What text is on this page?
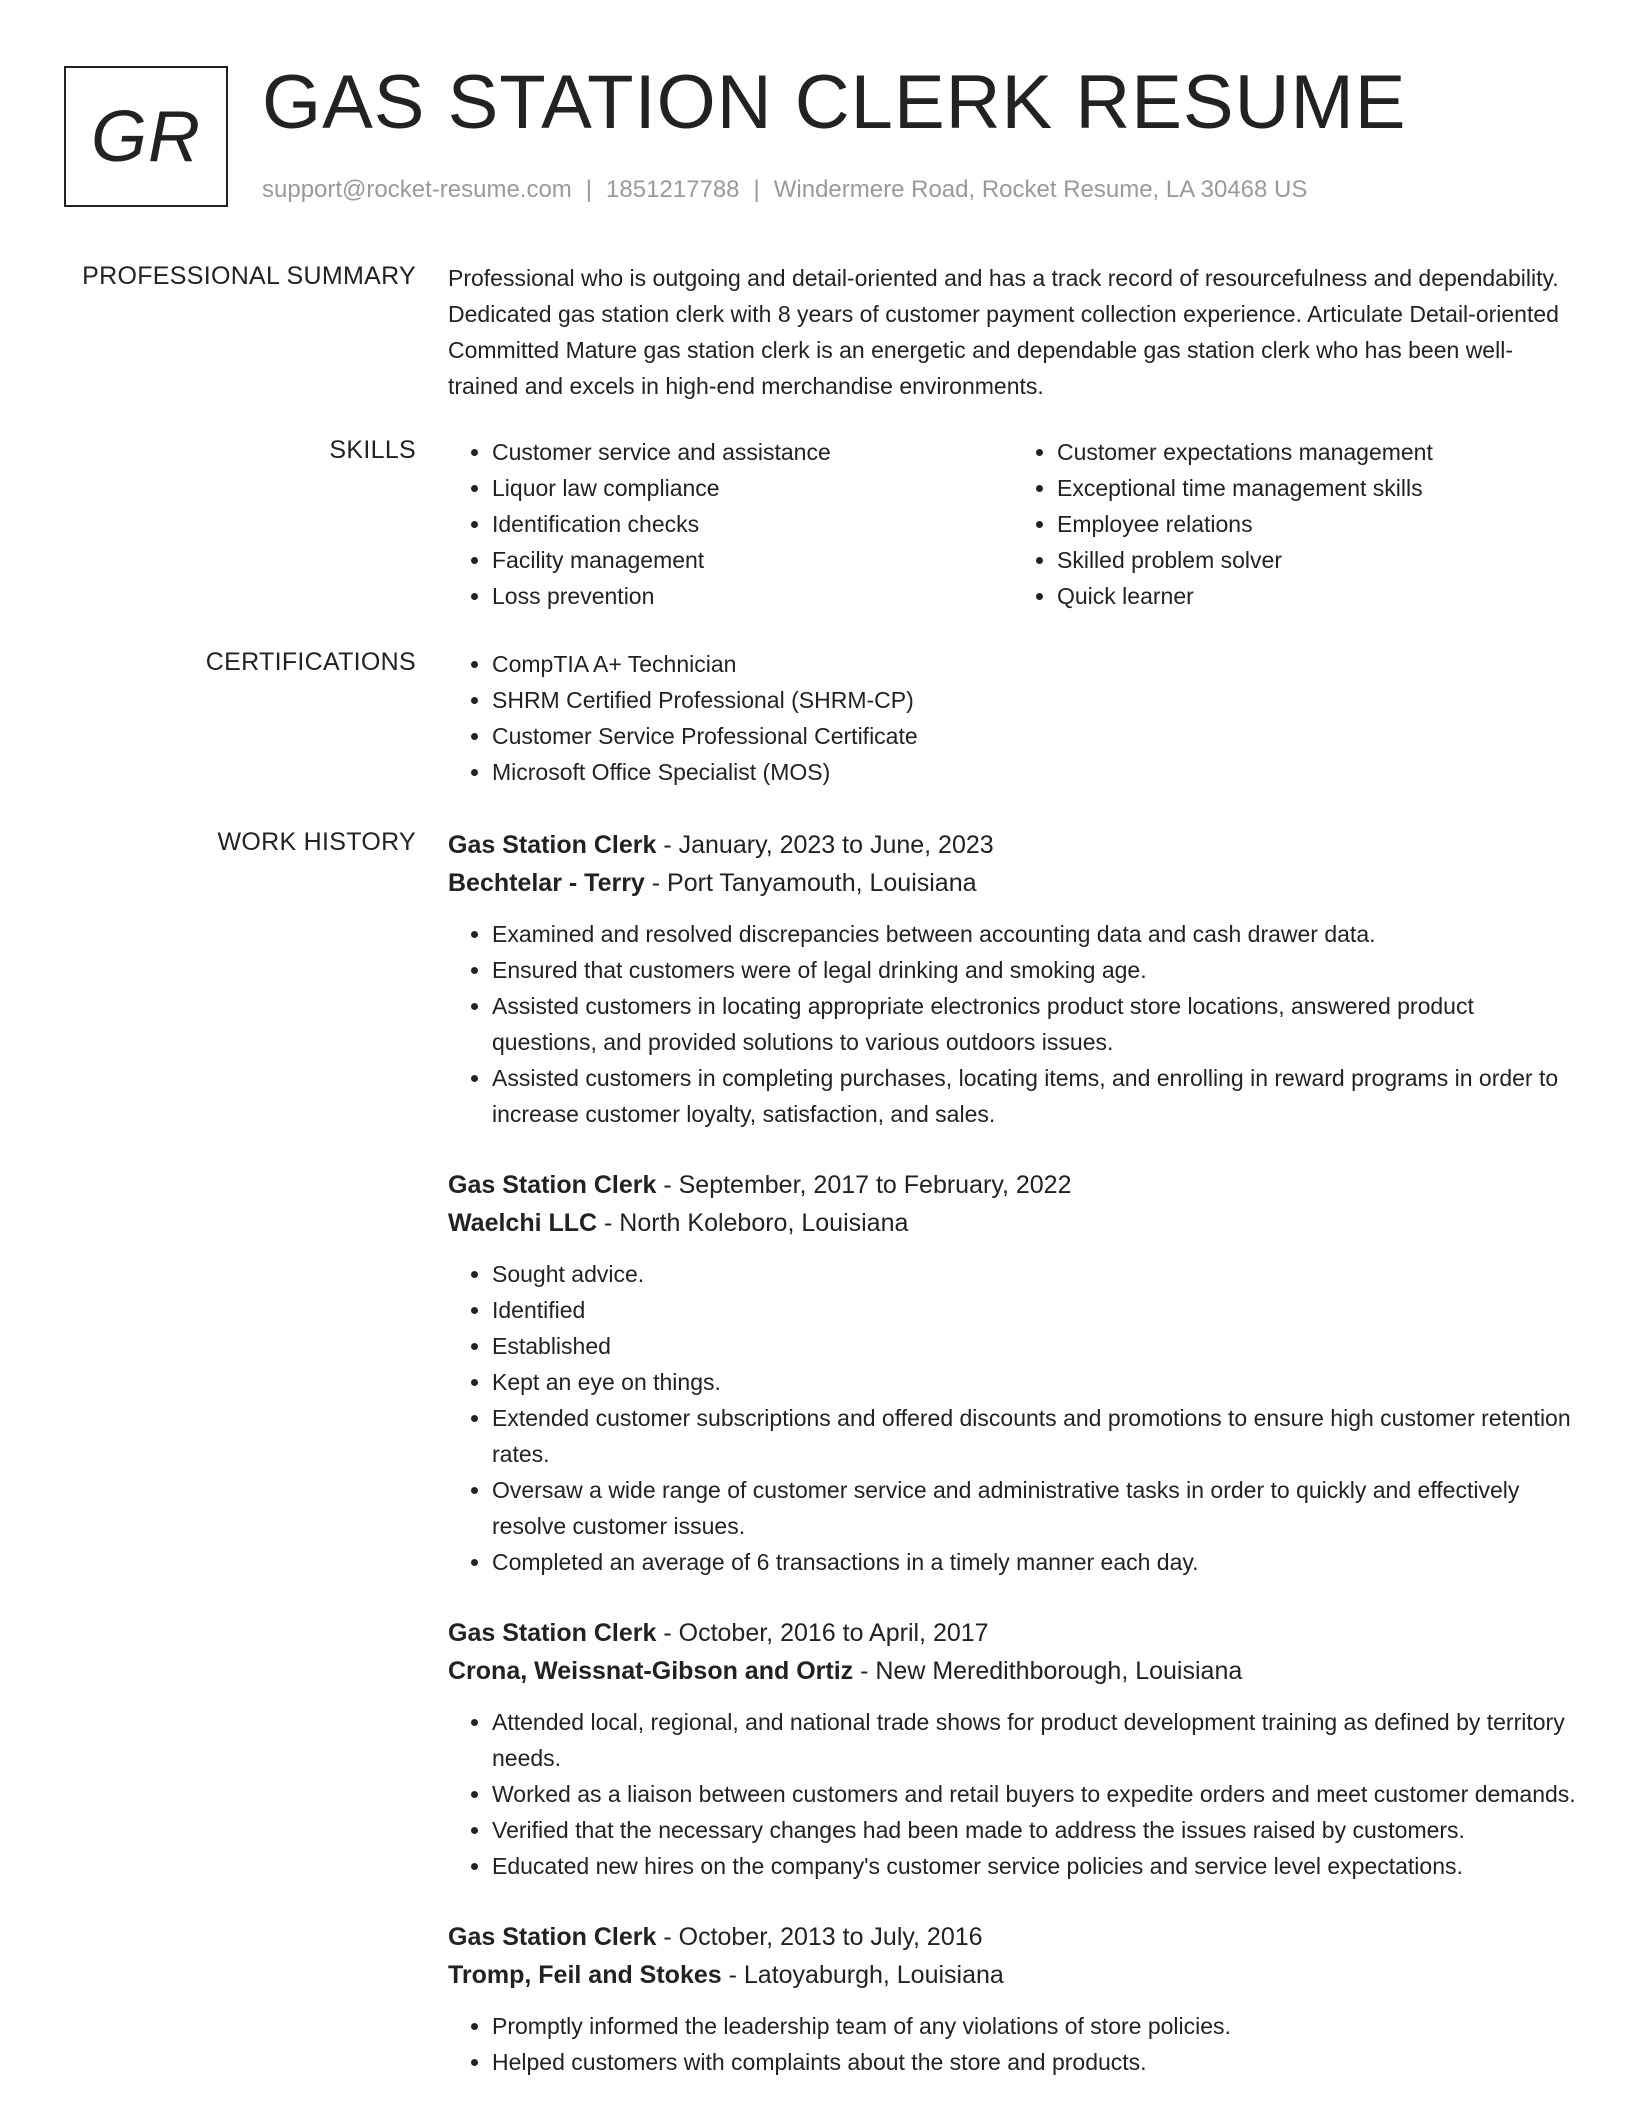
GR GAS STATION CLERK RESUME
support@rocket-resume.com | 1851217788 | Windermere Road, Rocket Resume, LA 30468 US
PROFESSIONAL SUMMARY Professional who is outgoing and detail-oriented and has a track record of resourcefulness and dependability. Dedicated gas station clerk with 8 years of customer payment collection experience. Articulate Detail-oriented Committed Mature gas station clerk is an energetic and dependable gas station clerk who has been well-trained and excels in high-end merchandise environments.
SKILLS	• Customer service and assistance
• Liquor law compliance
• Identification checks
• Facility management
• Loss prevention
• Customer expectations management
• Exceptional time management skills
• Employee relations
• Skilled problem solver
• Quick learner
CERTIFICATIONS	• CompTIA A+ Technician
• SHRM Certified Professional (SHRM-CP)
• Customer Service Professional Certificate
• Microsoft Office Specialist (MOS)
WORK HISTORY Gas Station Clerk - January, 2023 to June, 2023
Bechtelar - Terry - Port Tanyamouth, Louisiana
• Examined and resolved discrepancies between accounting data and cash drawer data.
• Ensured that customers were of legal drinking and smoking age.
• Assisted customers in locating appropriate electronics product store locations, answered product questions, and provided solutions to various outdoors issues.
• Assisted customers in completing purchases, locating items, and enrolling in reward programs in order to increase customer loyalty, satisfaction, and sales.
Gas Station Clerk - September, 2017 to February, 2022
Waelchi LLC - North Koleboro, Louisiana
• Sought advice.
• Identified
• Established
• Kept an eye on things.
• Extended customer subscriptions and offered discounts and promotions to ensure high customer retention rates.
• Oversaw a wide range of customer service and administrative tasks in order to quickly and effectively resolve customer issues.
• Completed an average of 6 transactions in a timely manner each day.
Gas Station Clerk - October, 2016 to April, 2017
Crona, Weissnat-Gibson and Ortiz - New Meredithborough, Louisiana
• Attended local, regional, and national trade shows for product development training as defined by territory needs.
• Worked as a liaison between customers and retail buyers to expedite orders and meet customer demands.
• Verified that the necessary changes had been made to address the issues raised by customers.
• Educated new hires on the company's customer service policies and service level expectations.
Gas Station Clerk - October, 2013 to July, 2016
Tromp, Feil and Stokes - Latoyaburgh, Louisiana
• Promptly informed the leadership team of any violations of store policies.
• Helped customers with complaints about the store and products.
